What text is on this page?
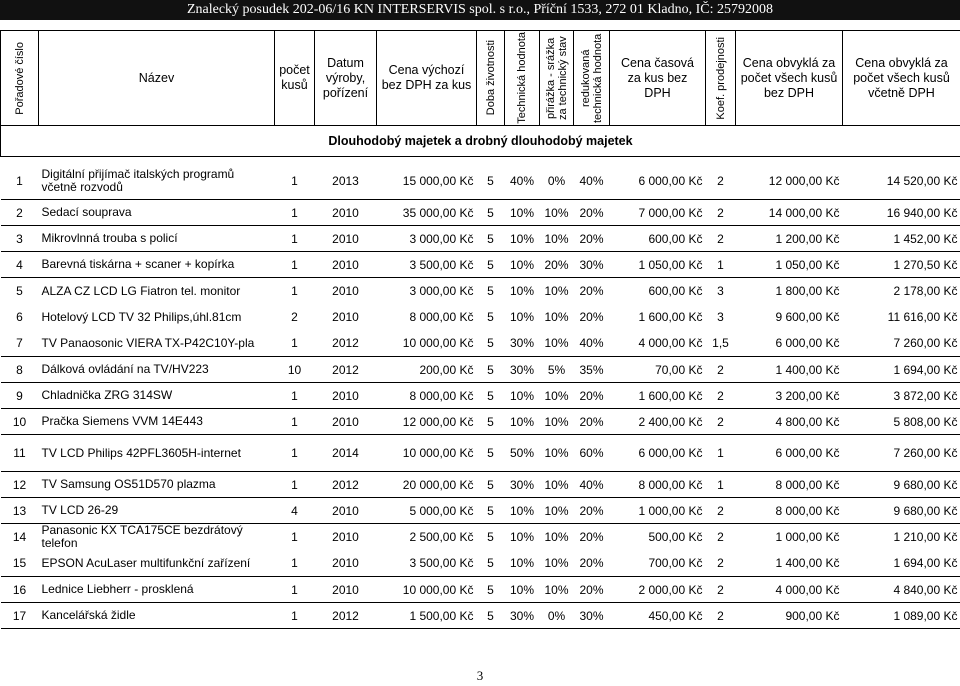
Znalecký posudek 202-06/16 KN INTERSERVIS spol. s r.o., Příční 1533, 272 01 Kladno, IČ: 25792008
Pořadové číslo	Název	počet kusů	Datum výroby, pořízení	Cena výchozí bez DPH za kus	Doba životnosti	Technická hodnota	přirážka - srážka za technický stav	redukovaná technická hodnota	Cena časová za kus bez DPH	Koef. prodejnosti	Cena obvyklá za počet všech kusů bez DPH	Cena obvyklá za počet všech kusů včetně DPH
Dlouhodobý majetek a drobný dlouhodobý majetek												

1	Digitální přijímač italských programů včetně rozvodů	1	2013	15 000,00 Kč	5	40%	0%	40%	6 000,00 Kč	2	12 000,00 Kč	14 520,00 Kč
2	Sedací souprava	1	2010	35 000,00 Kč	5	10%	10%	20%	7 000,00 Kč	2	14 000,00 Kč	16 940,00 Kč
3	Mikrovlnná trouba s policí	1	2010	3 000,00 Kč	5	10%	10%	20%	600,00 Kč	2	1 200,00 Kč	1 452,00 Kč
4	Barevná tiskárna + scaner + kopírka	1	2010	3 500,00 Kč	5	10%	20%	30%	1 050,00 Kč	1	1 050,00 Kč	1 270,50 Kč
5	ALZA CZ LCD LG Fiatron tel. monitor	1	2010	3 000,00 Kč	5	10%	10%	20%	600,00 Kč	3	1 800,00 Kč	2 178,00 Kč
6	Hotelový LCD TV 32 Philips,úhl.81cm	2	2010	8 000,00 Kč	5	10%	10%	20%	1 600,00 Kč	3	9 600,00 Kč	11 616,00 Kč
7	TV Panaosonic VIERA TX-P42C10Y-pla	1	2012	10 000,00 Kč	5	30%	10%	40%	4 000,00 Kč	1,5	6 000,00 Kč	7 260,00 Kč
8	Dálková ovládání na TV/HV223	10	2012	200,00 Kč	5	30%	5%	35%	70,00 Kč	2	1 400,00 Kč	1 694,00 Kč
9	Chladnička ZRG 314SW	1	2010	8 000,00 Kč	5	10%	10%	20%	1 600,00 Kč	2	3 200,00 Kč	3 872,00 Kč
10	Pračka Siemens VVM 14E443	1	2010	12 000,00 Kč	5	10%	10%	20%	2 400,00 Kč	2	4 800,00 Kč	5 808,00 Kč
11	TV LCD Philips 42PFL3605H-internet	1	2014	10 000,00 Kč	5	50%	10%	60%	6 000,00 Kč	1	6 000,00 Kč	7 260,00 Kč
12	TV Samsung OS51D570 plazma	1	2012	20 000,00 Kč	5	30%	10%	40%	8 000,00 Kč	1	8 000,00 Kč	9 680,00 Kč
13	TV LCD 26-29	4	2010	5 000,00 Kč	5	10%	10%	20%	1 000,00 Kč	2	8 000,00 Kč	9 680,00 Kč
14	Panasonic KX TCA175CE bezdrátový telefon	1	2010	2 500,00 Kč	5	10%	10%	20%	500,00 Kč	2	1 000,00 Kč	1 210,00 Kč
15	EPSON AcuLaser multifunkční zařízení	1	2010	3 500,00 Kč	5	10%	10%	20%	700,00 Kč	2	1 400,00 Kč	1 694,00 Kč
16	Lednice Liebherr - prosklená	1	2010	10 000,00 Kč	5	10%	10%	20%	2 000,00 Kč	2	4 000,00 Kč	4 840,00 Kč
17	Kancelářská židle	1	2012	1 500,00 Kč	5	30%	0%	30%	450,00 Kč	2	900,00 Kč	1 089,00 Kč
3
